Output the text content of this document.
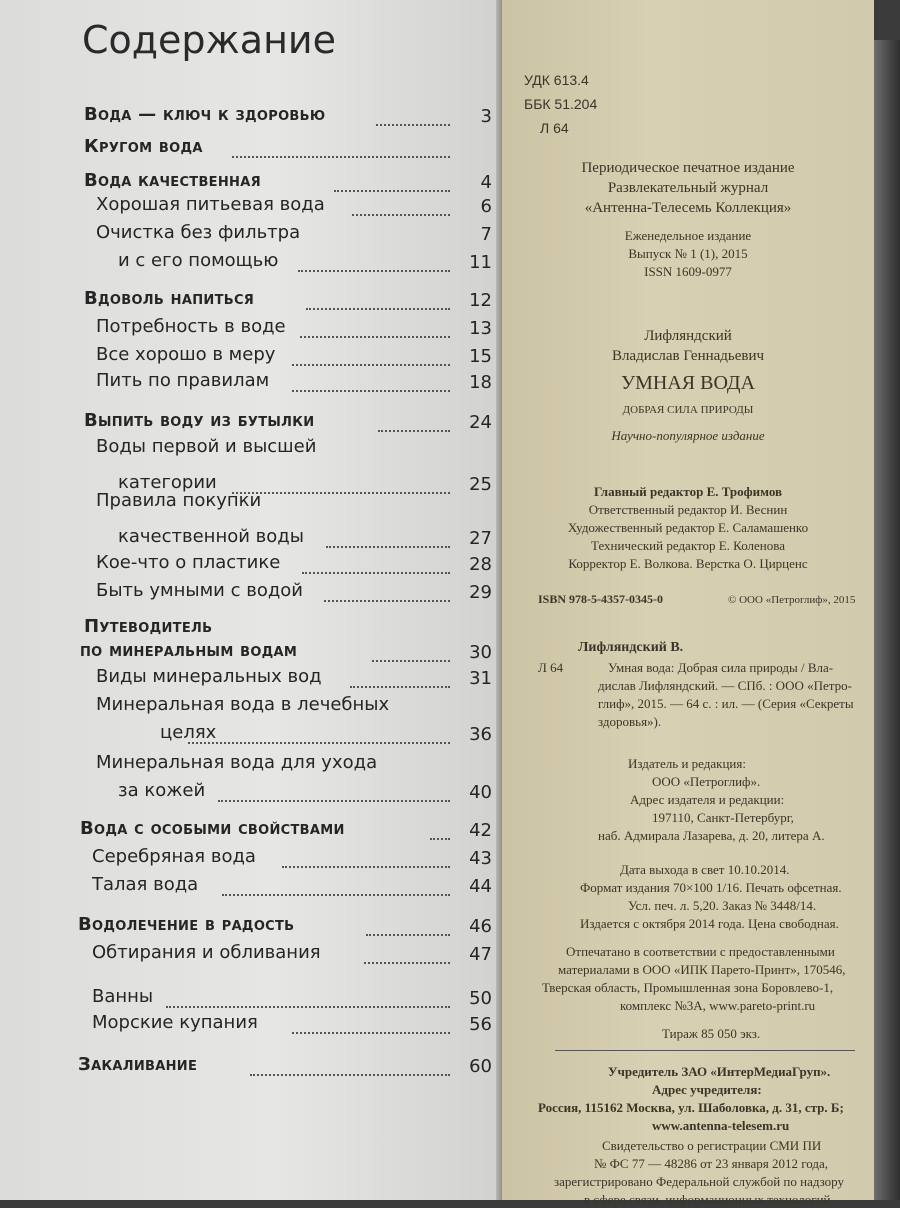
Содержание
Вода — ключ к здоровью	3
Кругом вода
Вода качественная	4
Хорошая питьевая вода	6
Очистка без фильтра	7
и с его помощью	11
Вдоволь напиться	12
Потребность в воде	13
Все хорошо в меру	15
Пить по правилам	18
Выпить воду из бутылки	24
Воды первой и высшей
категории	25
Правила покупки
качественной воды	27
Кое-что о пластике	28
Быть умными с водой	29
Путеводитель
по минеральным водам	30
Виды минеральных вод	31
Минеральная вода в лечебных
целях	36
Минеральная вода для ухода
за кожей	40
Вода с особыми свойствами	42
Серебряная вода	43
Талая вода	44
Водолечение в радость	46
Обтирания и обливания	47
Ванны	50
Морские купания	56
Закаливание	60
УДК 613.4
ББК 51.204
Л 64
Периодическое печатное издание
Развлекательный журнал
«Антенна-Телесемь Коллекция»
Еженедельное издание
Выпуск № 1 (1), 2015
ISSN 1609-0977
Лифляндский
Владислав Геннадьевич
УМНАЯ ВОДА
ДОБРАЯ СИЛА ПРИРОДЫ
Научно-популярное издание
Главный редактор Е. Трофимов
Ответственный редактор И. Веснин
Художественный редактор Е. Саламашенко
Технический редактор Е. Коленова
Корректор Е. Волкова. Верстка О. Цирценс
ISBN 978-5-4357-0345-0	© ООО «Петроглиф», 2015
Лифляндский В.
Л 64	Умная вода: Добрая сила природы / Вла-
дислав Лифляндский. — СПб. : ООО «Петро-
глиф», 2015. — 64 с. : ил. — (Серия «Секреты
здоровья»).
Издатель и редакция:
ООО «Петроглиф».
Адрес издателя и редакции:
197110, Санкт-Петербург,
наб. Адмирала Лазарева, д. 20, литера А.
Дата выхода в свет 10.10.2014.
Формат издания 70×100 1/16. Печать офсетная.
Усл. печ. л. 5,20. Заказ № 3448/14.
Издается с октября 2014 года. Цена свободная.
Отпечатано в соответствии с предоставленными
материалами в ООО «ИПК Парето-Принт», 170546,
Тверская область, Промышленная зона Боровлево-1,
комплекс №3А, www.pareto-print.ru
Тираж 85 050 экз.
Учредитель ЗАО «ИнтерМедиаГруп».
Адрес учредителя:
Россия, 115162 Москва, ул. Шаболовка, д. 31, стр. Б;
www.antenna-telesem.ru
Свидетельство о регистрации СМИ ПИ
№ ФС 77 — 48286 от 23 января 2012 года,
зарегистрировано Федеральной службой по надзору
в сфере связи, информационных технологий
